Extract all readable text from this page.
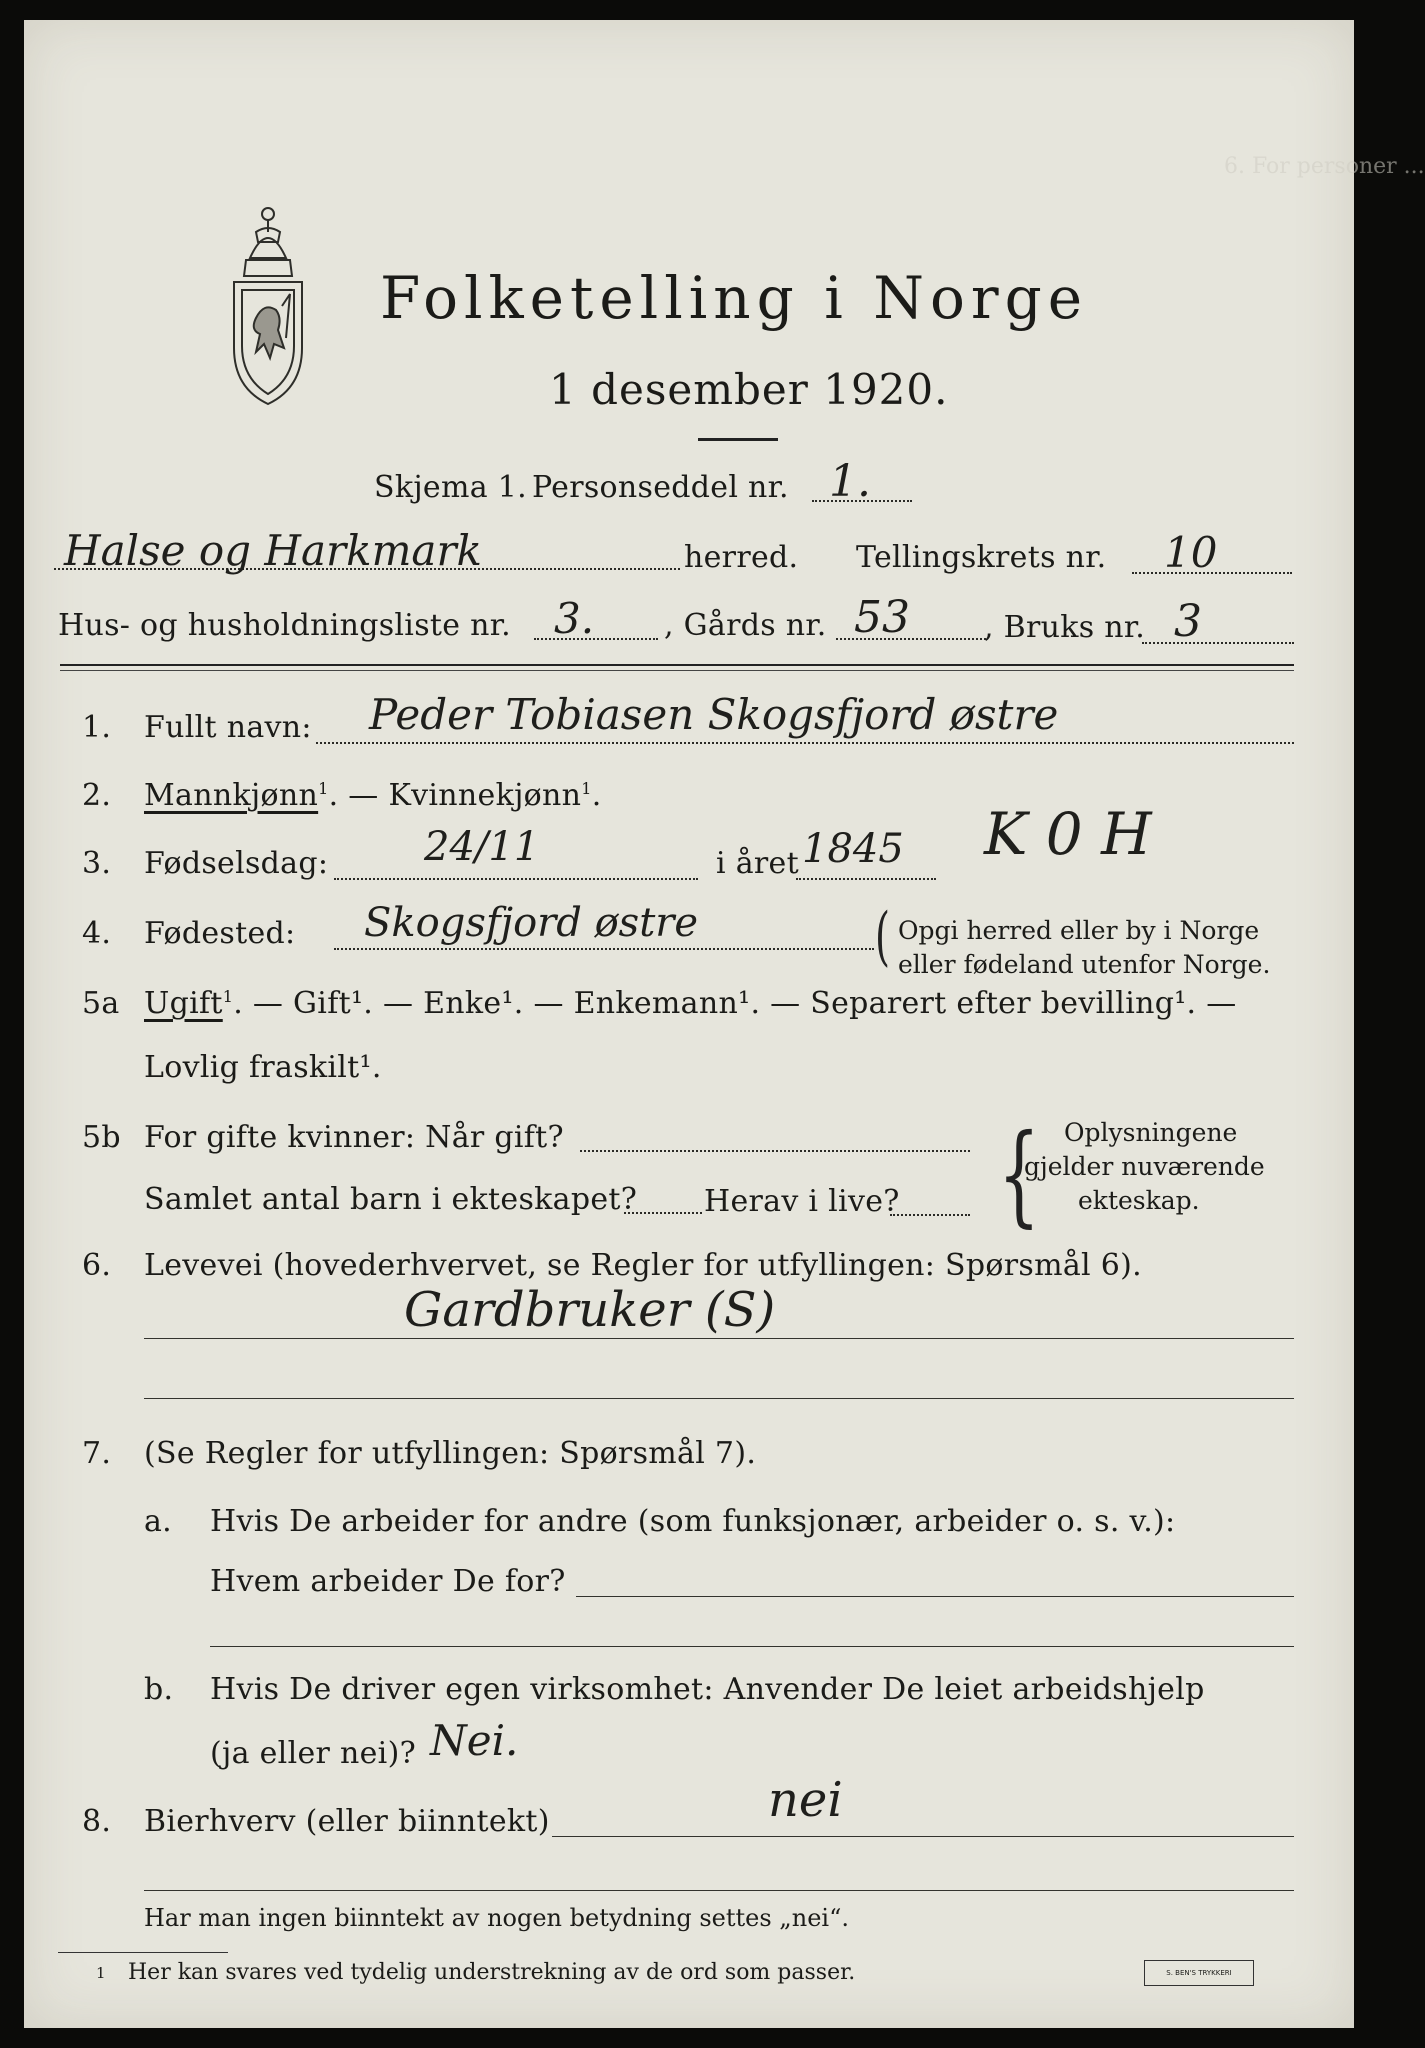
6. For personer ...
Folketelling i Norge
1 desember 1920.
Skjema 1. Personseddel nr. 1.
Halse og Harkmark	herred. Tellingskrets nr. 10
Hus- og husholdningsliste nr. 3. , Gårds nr. 53 , Bruks nr. 3
1. Fullt navn: Peder Tobiasen Skogsfjord østre
2. Mannkjønn$^1$. — Kvinnekjønn$^1$.
3. Fødselsdag: 24/11	i året 1845 K 0 H
4. Fødested: Skogsfjord østre	( Opgi herred eller by i Norge
eller fødeland utenfor Norge.
5a Ugift$^1$. — Gift¹. — Enke¹. — Enkemann¹. — Separert efter bevilling¹. —
Lovlig fraskilt¹.
5b For gifte kvinner: Når gift?
Samlet antal barn i ekteskapet? Herav i live? { Oplysningene
gjelder nuværende
ekteskap.
6. Levevei (hovederhvervet, se Regler for utfyllingen: Spørsmål 6).
Gardbruker (S)
7. (Se Regler for utfyllingen: Spørsmål 7).
a. Hvis De arbeider for andre (som funksjonær, arbeider o. s. v.):
Hvem arbeider De for?
b. Hvis De driver egen virksomhet: Anvender De leiet arbeidshjelp
(ja eller nei)? Nei.
8. Bierhverv (eller biinntekt)	nei
Har man ingen biinntekt av nogen betydning settes „nei“.
1 Her kan svares ved tydelig understrekning av de ord som passer.	S. BEN'S TRYKKERI
